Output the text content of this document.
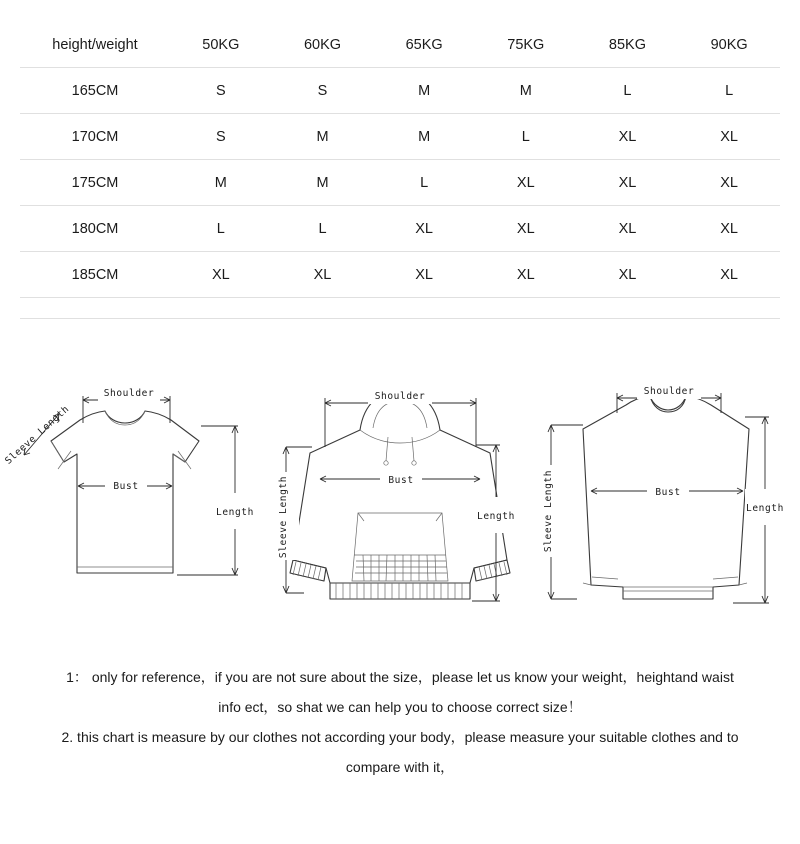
height/weight	50KG	60KG	65KG	75KG	85KG	90KG
165CM	S	S	M	M	L	L
170CM	S	M	M	L	XL	XL
175CM	M	M	L	XL	XL	XL
180CM	L	L	XL	XL	XL	XL
185CM	XL	XL	XL	XL	XL	XL
Shoulder
Sleeve Length
Bust
Length
Shoulder
Sleeve Length	Bust
Length
Shoulder
Sleeve Length	Bust
Length
1： only for reference，if you are not sure about the size，please let us know your weight，heightand waist
info ect，so shat we can help you to choose correct size！
2. this chart is measure by our clothes not according your body，please measure your suitable clothes and to
compare with it，
